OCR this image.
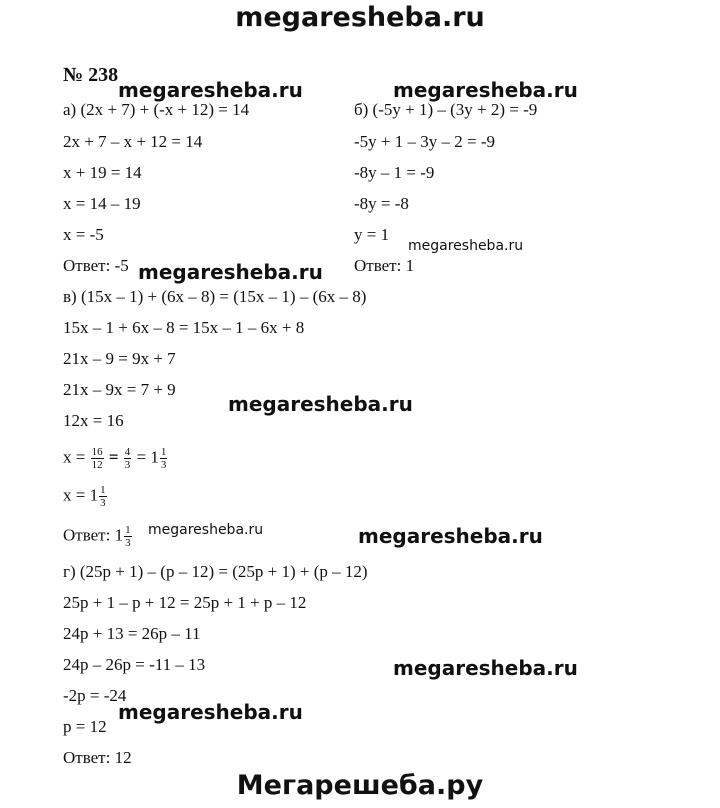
megaresheba.ru
№ 238
megaresheba.ru	megaresheba.ru
megaresheba.ru
megaresheba.ru
megaresheba.ru
megaresheba.ru	megaresheba.ru
megaresheba.ru
megaresheba.ru
а) (2x + 7) + (-x + 12) = 14
2x + 7 – x + 12 = 14
x + 19 = 14
x = 14 – 19
x = -5
Ответ: -5
б) (-5y + 1) – (3y + 2) = -9
-5y + 1 – 3y – 2 = -9
-8y – 1 = -9
-8y = -8
y = 1
Ответ: 1
в) (15x – 1) + (6x – 8) = (15x – 1) – (6x – 8)
15x – 1 + 6x – 8 = 15x – 1 – 6x + 8
21x – 9 = 9x + 7
21x – 9x = 7 + 9
12x = 16
$x = \frac{16}{12} = \frac{4}{3} = 1 \frac{1}{3}$
$x = 1 \frac{1}{3}$
Ответ: $1 \frac{1}{3}$
г) (25p + 1) – (p – 12) = (25p + 1) + (p – 12)
25p + 1 – p + 12 = 25p + 1 + p – 12
24p + 13 = 26p – 11
24p – 26p = -11 – 13
-2p = -24
p = 12
Ответ: 12
Мегарешеба.ру
